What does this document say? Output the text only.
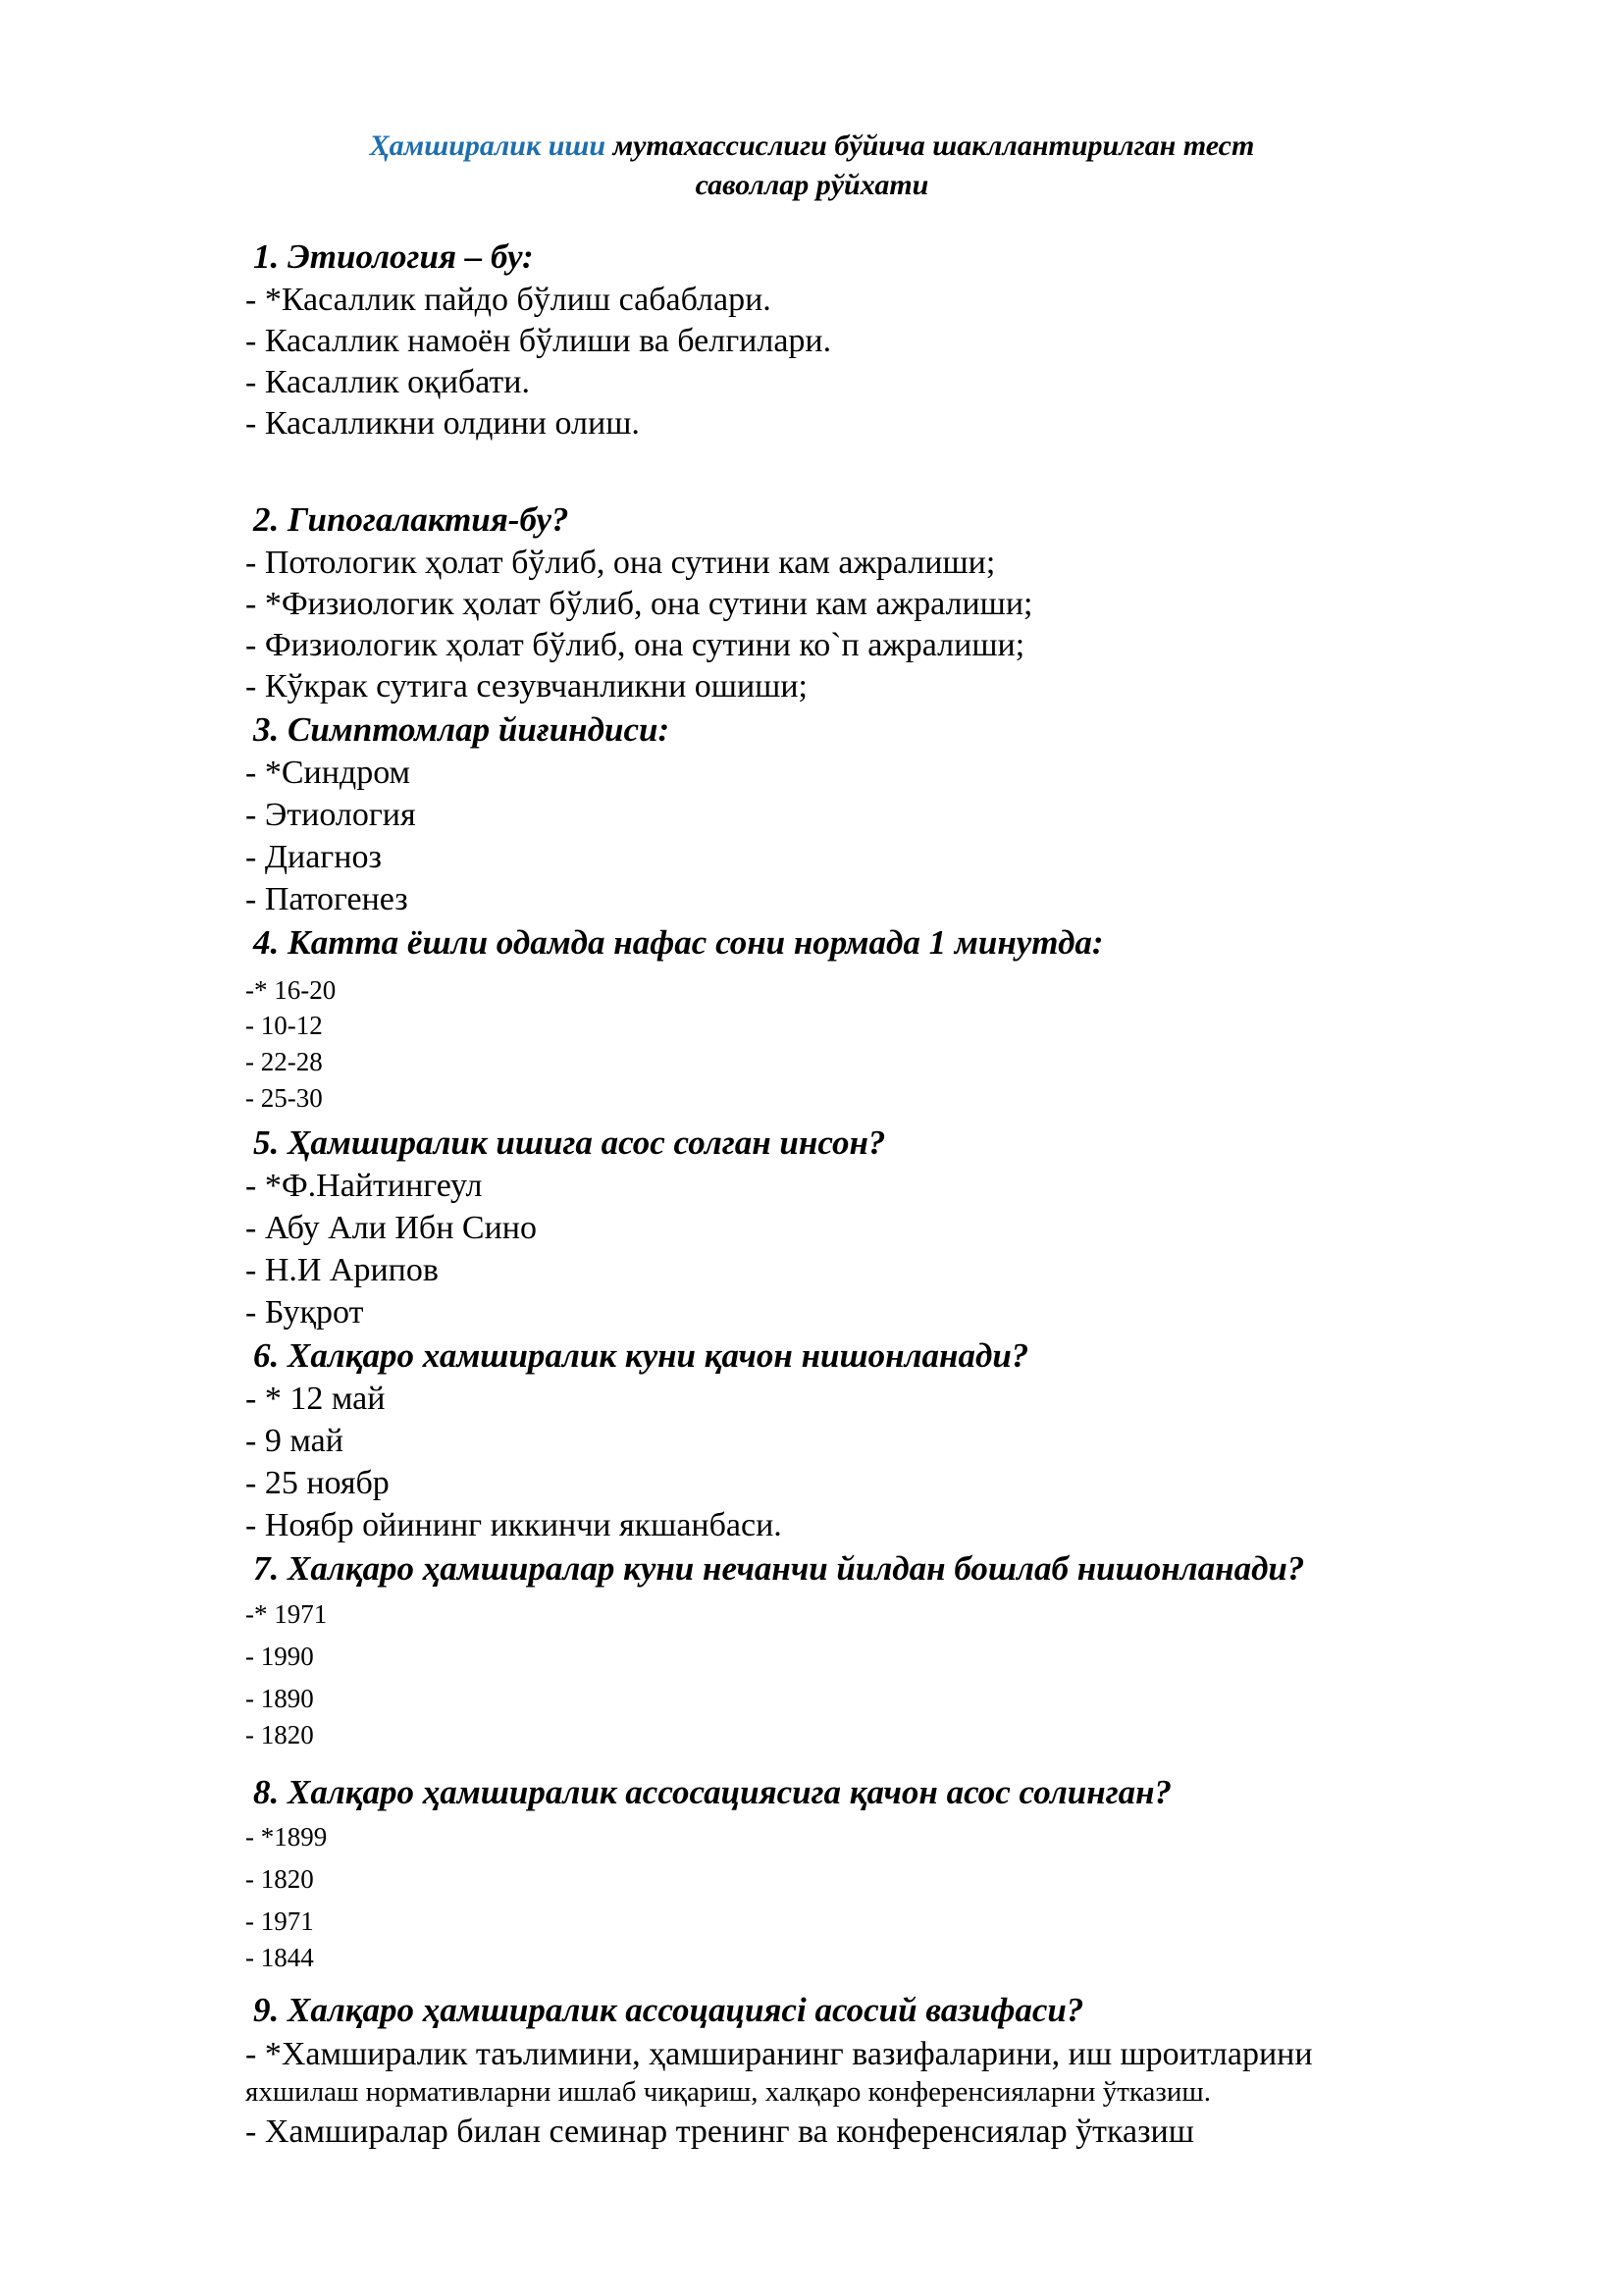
Ҳамширалик иши мутахассислиги бўйича шакллантирилган тест
саволлар рўйхати
1. Этиология – бу:
- *Касаллик пайдо бўлиш сабаблари.
- Касаллик намоён бўлиши ва белгилари.
- Касаллик оқибати.
- Касалликни олдини олиш.
2. Гипогалактия-бу?
- Потологик ҳолат бўлиб, она сутини кам ажралиши;
- *Физиологик ҳолат бўлиб, она сутини кам ажралиши;
- Физиологик ҳолат бўлиб, она сутини ко`п ажралиши;
- Кўкрак сутига сезувчанликни ошиши;
3. Симптомлар йиғиндиси:
- *Синдром
- Этиология
- Диагноз
- Патогенез
4. Катта ёшли одамда нафас сони нормада 1 минутда:
-* 16-20
- 10-12
- 22-28
- 25-30
5. Ҳамширалик ишига асос солган инсон?
- *Ф.Найтингеул
- Абу Али Ибн Сино
- Н.И Арипов
- Буқрот
6. Халқаро хамширалик куни қачон нишонланади?
- * 12 май
- 9 май
- 25 ноябр
- Ноябр ойининг иккинчи якшанбаси.
7. Халқаро ҳамширалар куни нечанчи йилдан бошлаб нишонланади?
-* 1971
- 1990
- 1890
- 1820
8. Халқаро ҳамширалик ассосациясига қачон асос солинган?
- *1899
- 1820
- 1971
- 1844
9. Халқаро ҳамширалик ассоцациясi асосий вазифаси?
- *Хамширалик таълимини, ҳамширанинг вазифаларини, иш шроитларини
яхшилаш нормативларни ишлаб чиқариш, халқаро конференсияларни ўтказиш.
- Хамширалар билан семинар тренинг ва конференсиялар ўтказиш
